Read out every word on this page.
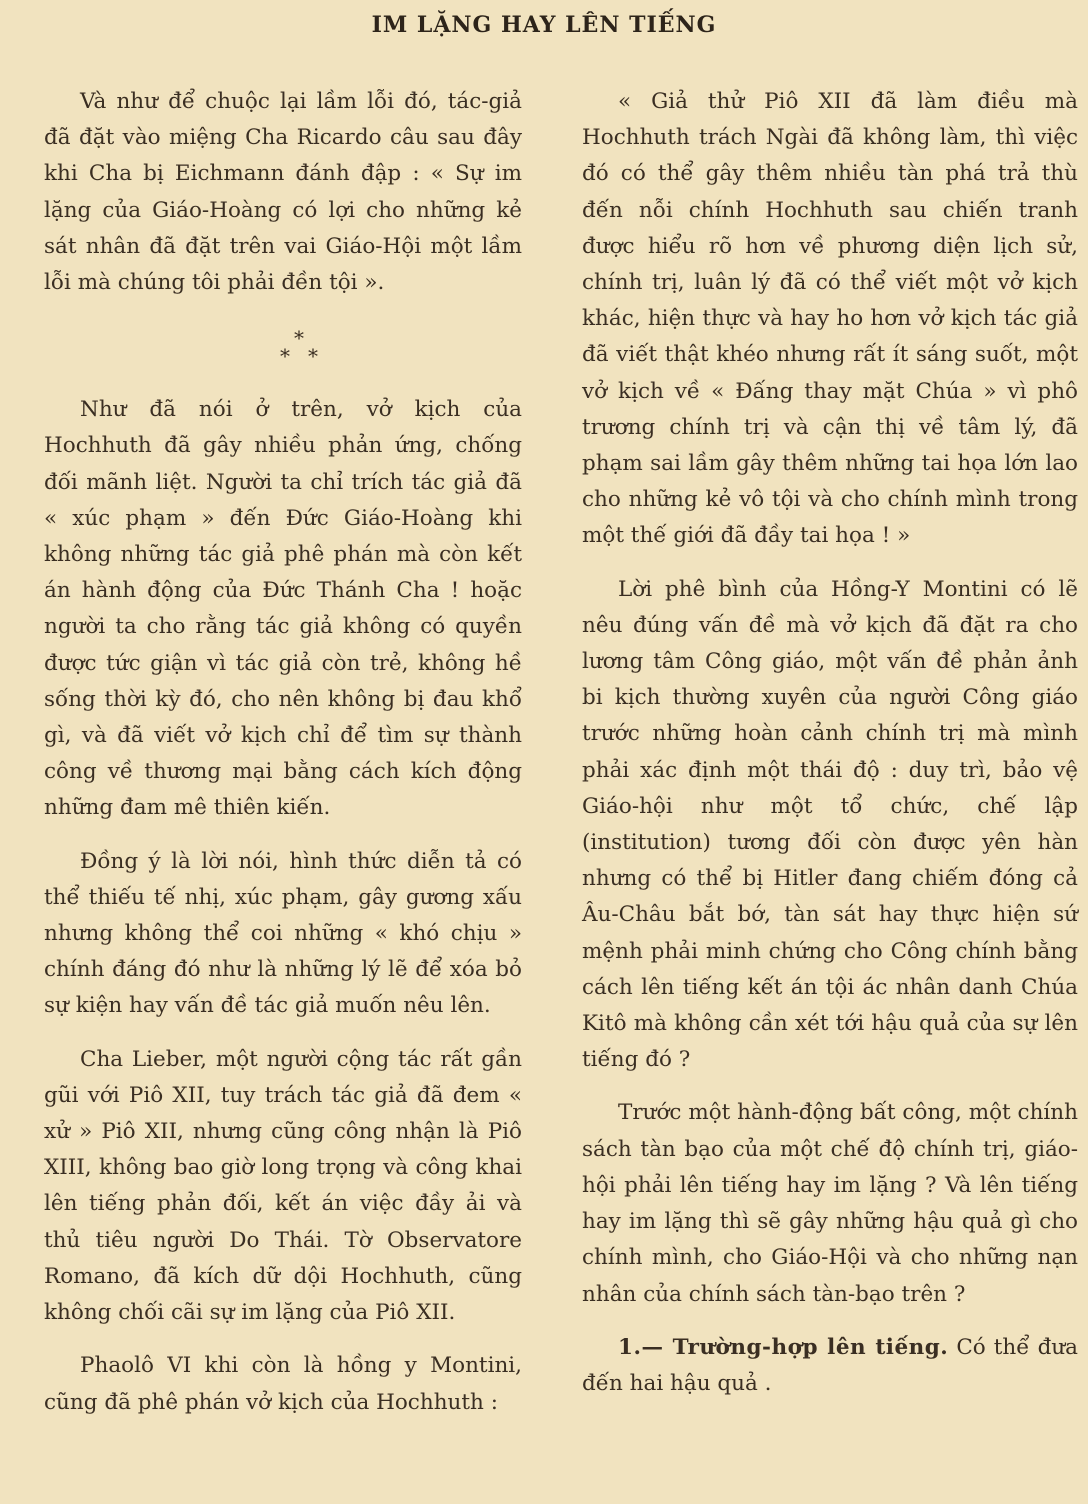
IM LẶNG HAY LÊN TIẾNG

Và như để chuộc lại lầm lỗi đó, tác-giả đã đặt vào miệng Cha Ricardo câu sau đây khi Cha bị Eichmann đánh đập : « Sự im lặng của Giáo-Hoàng có lợi cho những kẻ sát nhân đã đặt trên vai Giáo-Hội một lầm lỗi mà chúng tôi phải đền tội ».

*
* *

Như đã nói ở trên, vở kịch của Hochhuth đã gây nhiều phản ứng, chống đối mãnh liệt. Người ta chỉ trích tác giả đã « xúc phạm » đến Đức Giáo-Hoàng khi không những tác giả phê phán mà còn kết án hành động của Đức Thánh Cha ! hoặc người ta cho rằng tác giả không có quyền được tức giận vì tác giả còn trẻ, không hề sống thời kỳ đó, cho nên không bị đau khổ gì, và đã viết vở kịch chỉ để tìm sự thành công về thương mại bằng cách kích động những đam mê thiên kiến.

Đồng ý là lời nói, hình thức diễn tả có thể thiếu tế nhị, xúc phạm, gây gương xấu nhưng không thể coi những « khó chịu » chính đáng đó như là những lý lẽ để xóa bỏ sự kiện hay vấn đề tác giả muốn nêu lên.

Cha Lieber, một người cộng tác rất gần gũi với Piô XII, tuy trách tác giả đã đem « xử » Piô XII, nhưng cũng công nhận là Piô XIII, không bao giờ long trọng và công khai lên tiếng phản đối, kết án việc đầy ải và thủ tiêu người Do Thái. Tờ Observatore Romano, đã kích dữ dội Hochhuth, cũng không chối cãi sự im lặng của Piô XII.

Phaolô VI khi còn là hồng y Montini, cũng đã phê phán vở kịch của Hochhuth :

« Giả thử Piô XII đã làm điều mà Hochhuth trách Ngài đã không làm, thì việc đó có thể gây thêm nhiều tàn phá trả thù đến nỗi chính Hochhuth sau chiến tranh được hiểu rõ hơn về phương diện lịch sử, chính trị, luân lý đã có thể viết một vở kịch khác, hiện thực và hay ho hơn vở kịch tác giả đã viết thật khéo nhưng rất ít sáng suốt, một vở kịch về « Đấng thay mặt Chúa » vì phô trương chính trị và cận thị về tâm lý, đã phạm sai lầm gây thêm những tai họa lớn lao cho những kẻ vô tội và cho chính mình trong một thế giới đã đầy tai họa ! »

Lời phê bình của Hồng-Y Montini có lẽ nêu đúng vấn đề mà vở kịch đã đặt ra cho lương tâm Công giáo, một vấn đề phản ảnh bi kịch thường xuyên của người Công giáo trước những hoàn cảnh chính trị mà mình phải xác định một thái độ : duy trì, bảo vệ Giáo-hội như một tổ chức, chế lập (institution) tương đối còn được yên hàn nhưng có thể bị Hitler đang chiếm đóng cả Âu-Châu bắt bớ, tàn sát hay thực hiện sứ mệnh phải minh chứng cho Công chính bằng cách lên tiếng kết án tội ác nhân danh Chúa Kitô mà không cần xét tới hậu quả của sự lên tiếng đó ?

Trước một hành-động bất công, một chính sách tàn bạo của một chế độ chính trị, giáo-hội phải lên tiếng hay im lặng ? Và lên tiếng hay im lặng thì sẽ gây những hậu quả gì cho chính mình, cho Giáo-Hội và cho những nạn nhân của chính sách tàn-bạo trên ?

1.— Trường-hợp lên tiếng. Có thể đưa đến hai hậu quả .
